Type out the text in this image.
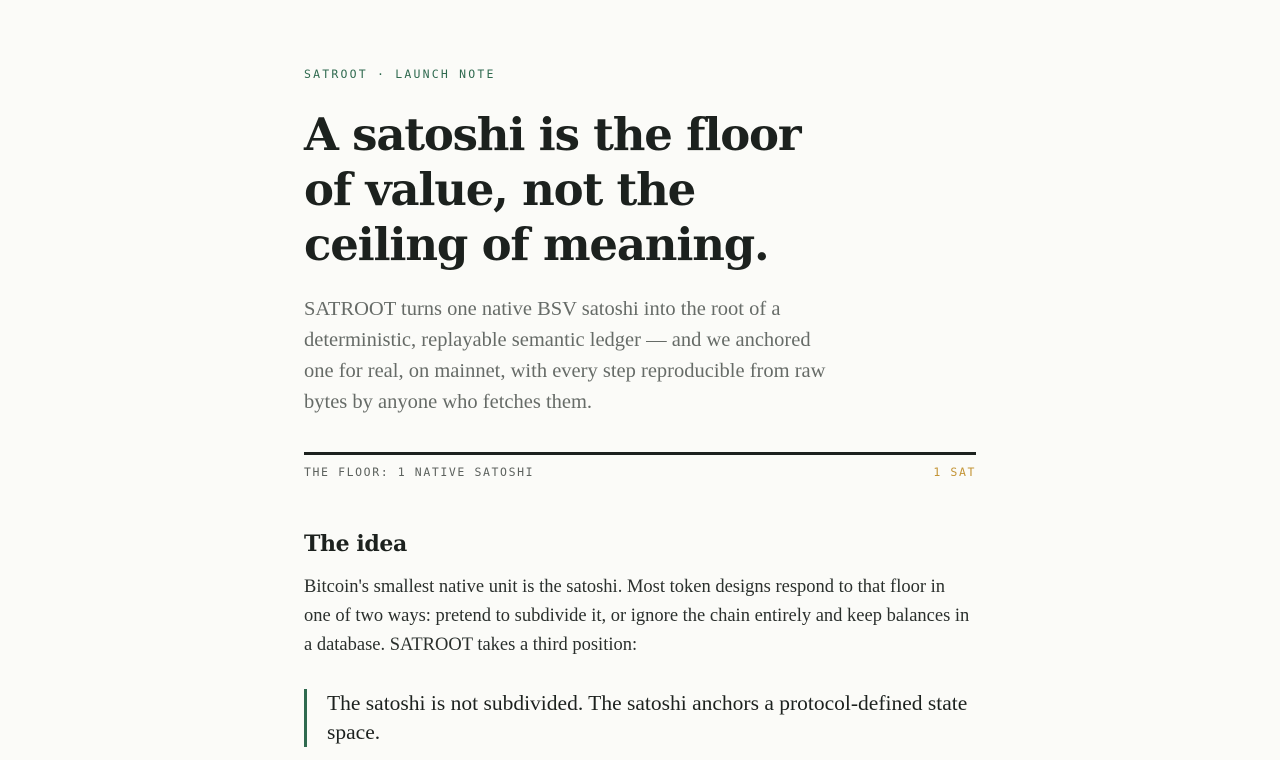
SATROOT · LAUNCH NOTE
A satoshi is the floor of value, not the ceiling of meaning.

SATROOT turns one native BSV satoshi into the root of a deterministic, replayable semantic ledger — and we anchored one for real, on mainnet, with every step reproducible from raw bytes by anyone who fetches them.

THE FLOOR: 1 NATIVE SATOSHI	1 SAT
The idea

Bitcoin's smallest native unit is the satoshi. Most token designs respond to that floor in one of two ways: pretend to subdivide it, or ignore the chain entirely and keep balances in a database. SATROOT takes a third position:

The satoshi is not subdivided. The satoshi anchors a protocol-defined state space.
